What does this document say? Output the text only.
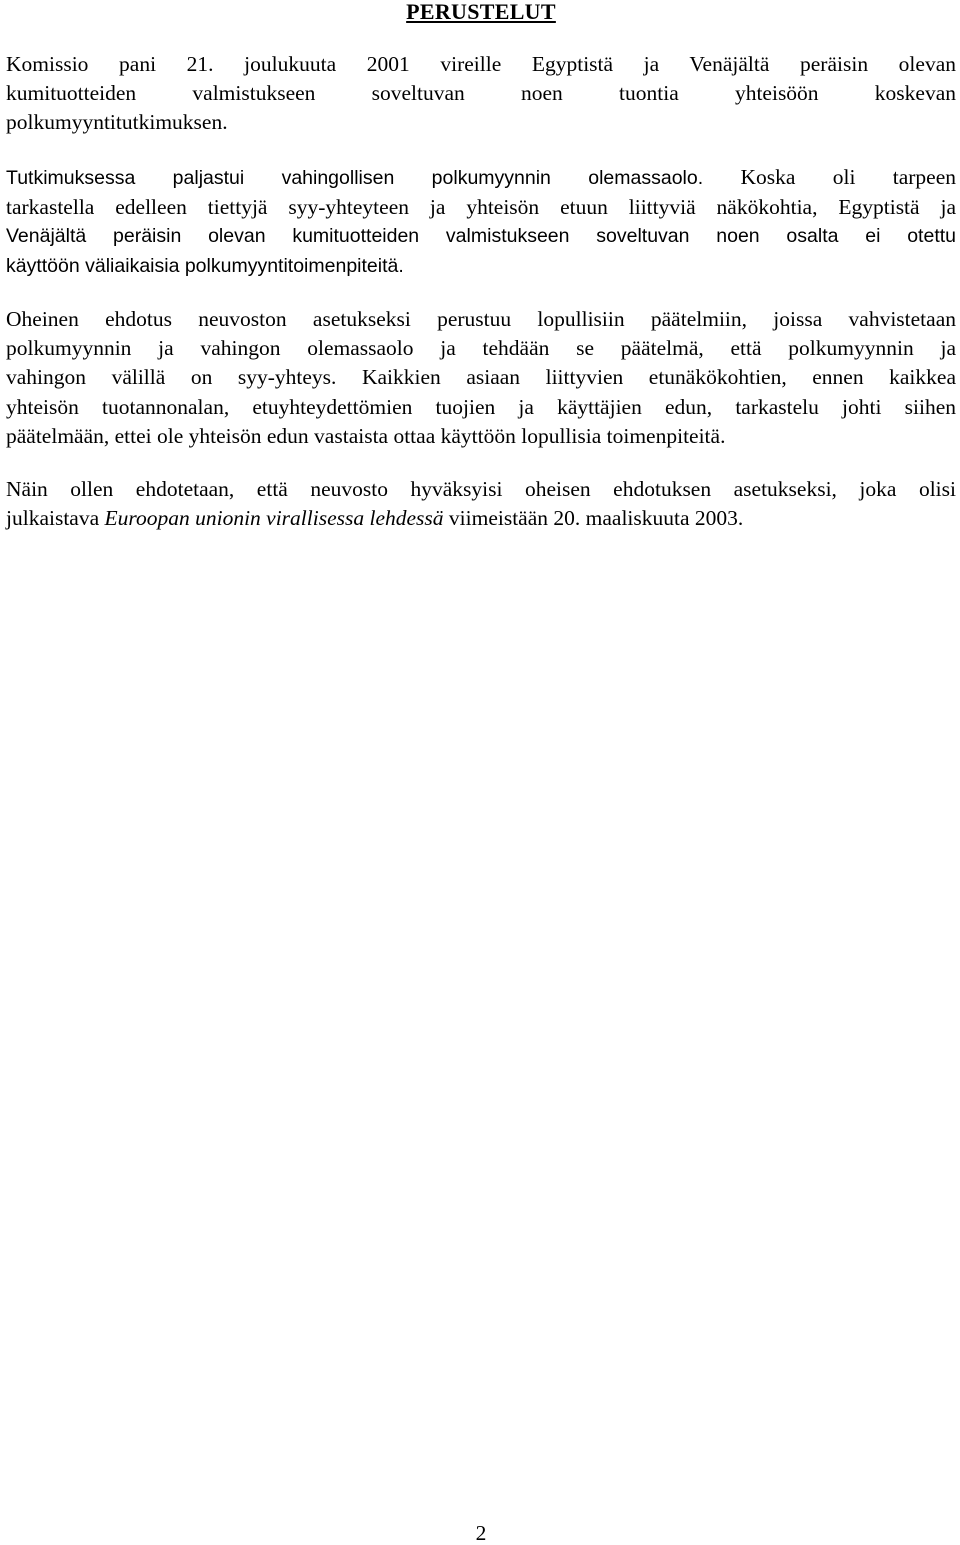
PERUSTELUT

Komissio pani 21. joulukuuta 2001 vireille Egyptistä ja Venäjältä peräisin olevan
kumituotteiden valmistukseen soveltuvan noen tuontia yhteisöön koskevan
polkumyyntitutkimuksen.

Tutkimuksessa paljastui vahingollisen polkumyynnin olemassaolo. Koska oli tarpeen
tarkastella edelleen tiettyjä syy-yhteyteen ja yhteisön etuun liittyviä näkökohtia, Egyptistä ja
Venäjältä peräisin olevan kumituotteiden valmistukseen soveltuvan noen osalta ei otettu
käyttöön väliaikaisia polkumyyntitoimenpiteitä.

Oheinen ehdotus neuvoston asetukseksi perustuu lopullisiin päätelmiin, joissa vahvistetaan
polkumyynnin ja vahingon olemassaolo ja tehdään se päätelmä, että polkumyynnin ja
vahingon välillä on syy-yhteys. Kaikkien asiaan liittyvien etunäkökohtien, ennen kaikkea
yhteisön tuotannonalan, etuyhteydettömien tuojien ja käyttäjien edun, tarkastelu johti siihen
päätelmään, ettei ole yhteisön edun vastaista ottaa käyttöön lopullisia toimenpiteitä.

Näin ollen ehdotetaan, että neuvosto hyväksyisi oheisen ehdotuksen asetukseksi, joka olisi
julkaistava Euroopan unionin virallisessa lehdessä viimeistään 20. maaliskuuta 2003.

2
